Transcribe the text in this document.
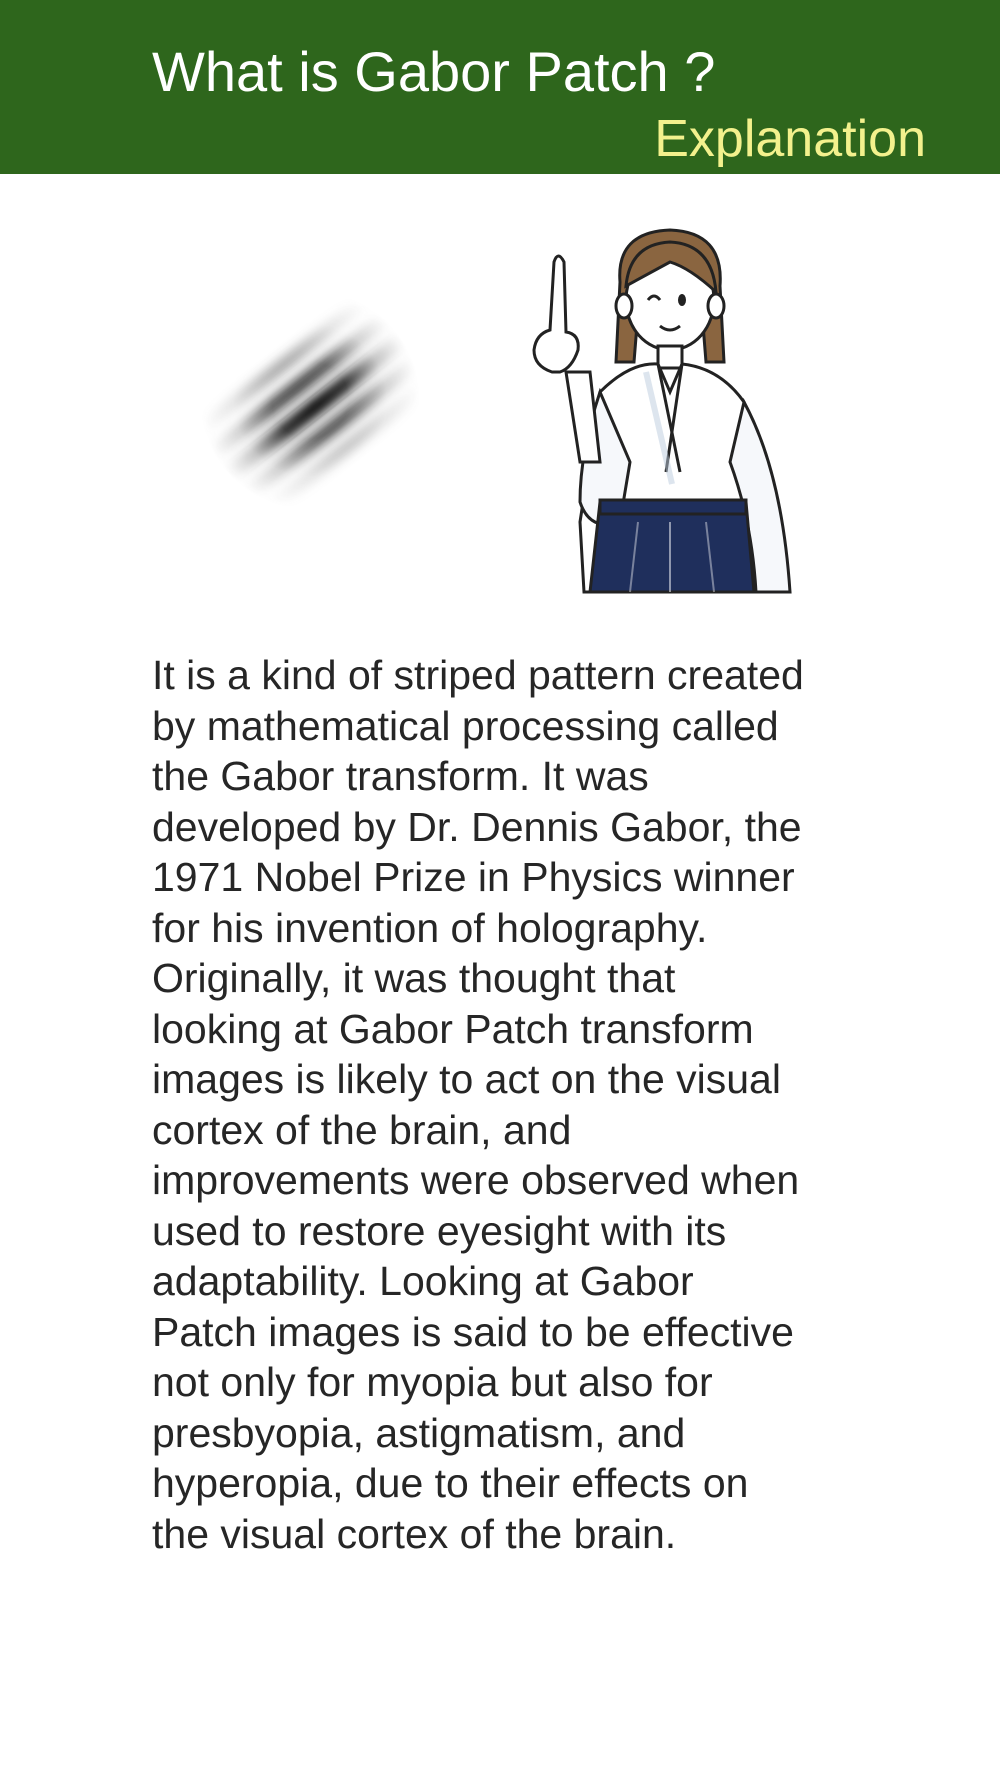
What is Gabor Patch ?
Explanation
It is a kind of striped pattern created
by mathematical processing called
the Gabor transform. It was
developed by Dr. Dennis Gabor, the
1971 Nobel Prize in Physics winner
for his invention of holography.
Originally, it was thought that
looking at Gabor Patch transform
images is likely to act on the visual
cortex of the brain, and
improvements were observed when
used to restore eyesight with its
adaptability. Looking at Gabor
Patch images is said to be effective
not only for myopia but also for
presbyopia, astigmatism, and
hyperopia, due to their effects on
the visual cortex of the brain.
